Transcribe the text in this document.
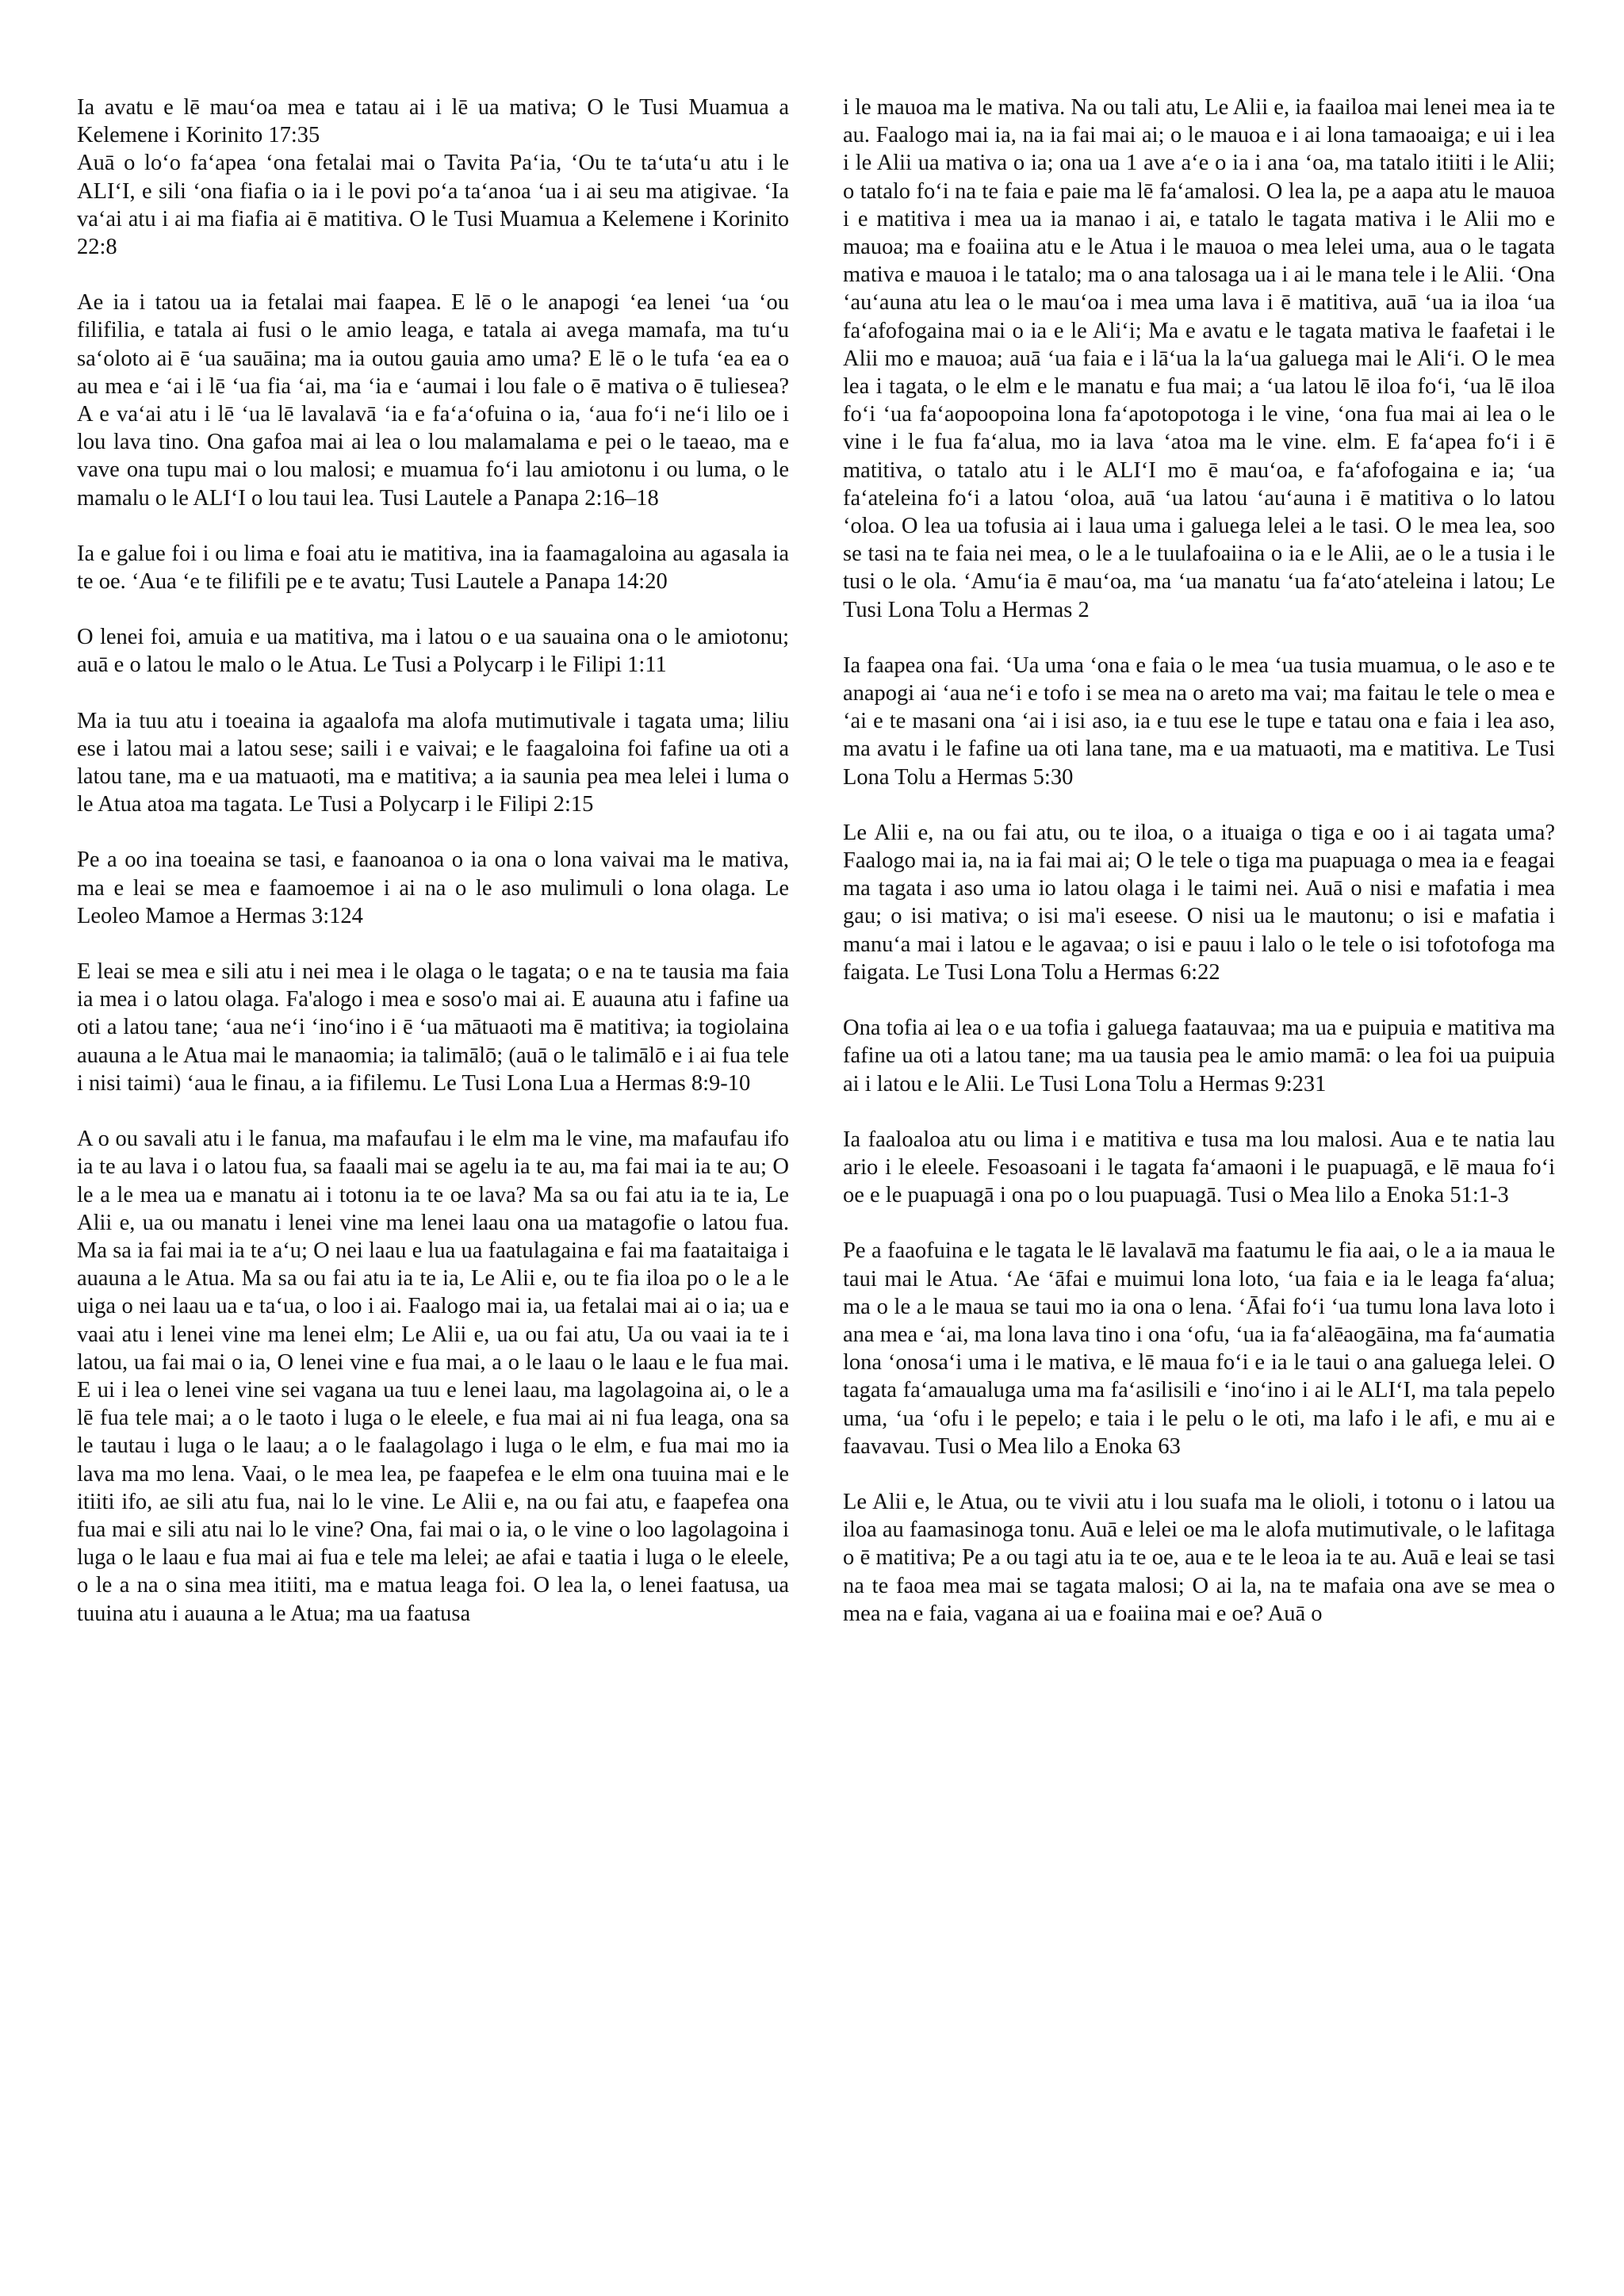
Ia avatu e lē mauʻoa mea e tatau ai i lē ua mativa; O le Tusi Muamua a Kelemene i Korinito 17:35

Auā o loʻo faʻapea ʻona fetalai mai o Tavita Paʻia, ʻOu te taʻutaʻu atu i le ALIʻI, e sili ʻona fiafia o ia i le povi poʻa taʻanoa ʻua i ai seu ma atigivae. ʻIa vaʻai atu i ai ma fiafia ai ē matitiva. O le Tusi Muamua a Kelemene i Korinito 22:8

Ae ia i tatou ua ia fetalai mai faapea. E lē o le anapogi ʻea lenei ʻua ʻou filifilia, e tatala ai fusi o le amio leaga, e tatala ai avega mamafa, ma tuʻu saʻoloto ai ē ʻua sauāina; ma ia outou gauia amo uma? E lē o le tufa ʻea ea o au mea e ʻai i lē ʻua fia ʻai, ma ʻia e ʻaumai i lou fale o ē mativa o ē tuliesea? A e vaʻai atu i lē ʻua lē lavalavā ʻia e faʻaʻofuina o ia, ʻaua foʻi neʻi lilo oe i lou lava tino. Ona gafoa mai ai lea o lou malamalama e pei o le taeao, ma e vave ona tupu mai o lou malosi; e muamua foʻi lau amiotonu i ou luma, o le mamalu o le ALIʻI o lou taui lea. Tusi Lautele a Panapa 2:16–18

Ia e galue foi i ou lima e foai atu ie matitiva, ina ia faamagaloina au agasala ia te oe. ʻAua ʻe te filifili pe e te avatu; Tusi Lautele a Panapa 14:20

O lenei foi, amuia e ua matitiva, ma i latou o e ua sauaina ona o le amiotonu; auā e o latou le malo o le Atua. Le Tusi a Polycarp i le Filipi 1:11

Ma ia tuu atu i toeaina ia agaalofa ma alofa mutimutivale i tagata uma; liliu ese i latou mai a latou sese; saili i e vaivai; e le faagaloina foi fafine ua oti a latou tane, ma e ua matuaoti, ma e matitiva; a ia saunia pea mea lelei i luma o le Atua atoa ma tagata. Le Tusi a Polycarp i le Filipi 2:15

Pe a oo ina toeaina se tasi, e faanoanoa o ia ona o lona vaivai ma le mativa, ma e leai se mea e faamoemoe i ai na o le aso mulimuli o lona olaga. Le Leoleo Mamoe a Hermas 3:124

E leai se mea e sili atu i nei mea i le olaga o le tagata; o e na te tausia ma faia ia mea i o latou olaga. Fa'alogo i mea e soso'o mai ai. E auauna atu i fafine ua oti a latou tane; ʻaua neʻi ʻinoʻino i ē ʻua mātuaoti ma ē matitiva; ia togiolaina auauna a le Atua mai le manaomia; ia talimālō; (auā o le talimālō e i ai fua tele i nisi taimi) ʻaua le finau, a ia fifilemu. Le Tusi Lona Lua a Hermas 8:9-10

A o ou savali atu i le fanua, ma mafaufau i le elm ma le vine, ma mafaufau ifo ia te au lava i o latou fua, sa faaali mai se agelu ia te au, ma fai mai ia te au; O le a le mea ua e manatu ai i totonu ia te oe lava? Ma sa ou fai atu ia te ia, Le Alii e, ua ou manatu i lenei vine ma lenei laau ona ua matagofie o latou fua. Ma sa ia fai mai ia te aʻu; O nei laau e lua ua faatulagaina e fai ma faataitaiga i auauna a le Atua. Ma sa ou fai atu ia te ia, Le Alii e, ou te fia iloa po o le a le uiga o nei laau ua e taʻua, o loo i ai. Faalogo mai ia, ua fetalai mai ai o ia; ua e vaai atu i lenei vine ma lenei elm; Le Alii e, ua ou fai atu, Ua ou vaai ia te i latou, ua fai mai o ia, O lenei vine e fua mai, a o le laau o le laau e le fua mai. E ui i lea o lenei vine sei vagana ua tuu e lenei laau, ma lagolagoina ai, o le a lē fua tele mai; a o le taoto i luga o le eleele, e fua mai ai ni fua leaga, ona sa le tautau i luga o le laau; a o le faalagolago i luga o le elm, e fua mai mo ia lava ma mo lena. Vaai, o le mea lea, pe faapefea e le elm ona tuuina mai e le itiiti ifo, ae sili atu fua, nai lo le vine. Le Alii e, na ou fai atu, e faapefea ona fua mai e sili atu nai lo le vine? Ona, fai mai o ia, o le vine o loo lagolagoina i luga o le laau e fua mai ai fua e tele ma lelei; ae afai e taatia i luga o le eleele, o le a na o sina mea itiiti, ma e matua leaga foi. O lea la, o lenei faatusa, ua tuuina atu i auauna a le Atua; ma ua faatusa

i le mauoa ma le mativa. Na ou tali atu, Le Alii e, ia faailoa mai lenei mea ia te au. Faalogo mai ia, na ia fai mai ai; o le mauoa e i ai lona tamaoaiga; e ui i lea i le Alii ua mativa o ia; ona ua 1 ave aʻe o ia i ana ʻoa, ma tatalo itiiti i le Alii; o tatalo foʻi na te faia e paie ma lē faʻamalosi. O lea la, pe a aapa atu le mauoa i e matitiva i mea ua ia manao i ai, e tatalo le tagata mativa i le Alii mo e mauoa; ma e foaiina atu e le Atua i le mauoa o mea lelei uma, aua o le tagata mativa e mauoa i le tatalo; ma o ana talosaga ua i ai le mana tele i le Alii. ʻOna ʻauʻauna atu lea o le mauʻoa i mea uma lava i ē matitiva, auā ʻua ia iloa ʻua faʻafofogaina mai o ia e le Aliʻi; Ma e avatu e le tagata mativa le faafetai i le Alii mo e mauoa; auā ʻua faia e i lāʻua la laʻua galuega mai le Aliʻi. O le mea lea i tagata, o le elm e le manatu e fua mai; a ʻua latou lē iloa foʻi, ʻua lē iloa foʻi ʻua faʻaopoopoina lona faʻapotopotoga i le vine, ʻona fua mai ai lea o le vine i le fua faʻalua, mo ia lava ʻatoa ma le vine. elm. E faʻapea foʻi i ē matitiva, o tatalo atu i le ALIʻI mo ē mauʻoa, e faʻafofogaina e ia; ʻua faʻateleina foʻi a latou ʻoloa, auā ʻua latou ʻauʻauna i ē matitiva o lo latou ʻoloa. O lea ua tofusia ai i laua uma i galuega lelei a le tasi. O le mea lea, soo se tasi na te faia nei mea, o le a le tuulafoaiina o ia e le Alii, ae o le a tusia i le tusi o le ola. ʻAmuʻia ē mauʻoa, ma ʻua manatu ʻua faʻatoʻateleina i latou; Le Tusi Lona Tolu a Hermas 2

Ia faapea ona fai. ʻUa uma ʻona e faia o le mea ʻua tusia muamua, o le aso e te anapogi ai ʻaua neʻi e tofo i se mea na o areto ma vai; ma faitau le tele o mea e ʻai e te masani ona ʻai i isi aso, ia e tuu ese le tupe e tatau ona e faia i lea aso, ma avatu i le fafine ua oti lana tane, ma e ua matuaoti, ma e matitiva. Le Tusi Lona Tolu a Hermas 5:30

Le Alii e, na ou fai atu, ou te iloa, o a ituaiga o tiga e oo i ai tagata uma? Faalogo mai ia, na ia fai mai ai; O le tele o tiga ma puapuaga o mea ia e feagai ma tagata i aso uma io latou olaga i le taimi nei. Auā o nisi e mafatia i mea gau; o isi mativa; o isi ma'i eseese. O nisi ua le mautonu; o isi e mafatia i manuʻa mai i latou e le agavaa; o isi e pauu i lalo o le tele o isi tofotofoga ma faigata. Le Tusi Lona Tolu a Hermas 6:22

Ona tofia ai lea o e ua tofia i galuega faatauvaa; ma ua e puipuia e matitiva ma fafine ua oti a latou tane; ma ua tausia pea le amio mamā: o lea foi ua puipuia ai i latou e le Alii. Le Tusi Lona Tolu a Hermas 9:231

Ia faaloaloa atu ou lima i e matitiva e tusa ma lou malosi. Aua e te natia lau ario i le eleele. Fesoasoani i le tagata faʻamaoni i le puapuagā, e lē maua foʻi oe e le puapuagā i ona po o lou puapuagā. Tusi o Mea lilo a Enoka 51:1-3

Pe a faaofuina e le tagata le lē lavalavā ma faatumu le fia aai, o le a ia maua le taui mai le Atua. ʻAe ʻāfai e muimui lona loto, ʻua faia e ia le leaga faʻalua; ma o le a le maua se taui mo ia ona o lena. ʻĀfai foʻi ʻua tumu lona lava loto i ana mea e ʻai, ma lona lava tino i ona ʻofu, ʻua ia faʻalēaogāina, ma faʻaumatia lona ʻonosaʻi uma i le mativa, e lē maua foʻi e ia le taui o ana galuega lelei. O tagata faʻamaualuga uma ma faʻasilisili e ʻinoʻino i ai le ALIʻI, ma tala pepelo uma, ʻua ʻofu i le pepelo; e taia i le pelu o le oti, ma lafo i le afi, e mu ai e faavavau. Tusi o Mea lilo a Enoka 63

Le Alii e, le Atua, ou te vivii atu i lou suafa ma le olioli, i totonu o i latou ua iloa au faamasinoga tonu. Auā e lelei oe ma le alofa mutimutivale, o le lafitaga o ē matitiva; Pe a ou tagi atu ia te oe, aua e te le leoa ia te au. Auā e leai se tasi na te faoa mea mai se tagata malosi; O ai la, na te mafaia ona ave se mea o mea na e faia, vagana ai ua e foaiina mai e oe? Auā o
